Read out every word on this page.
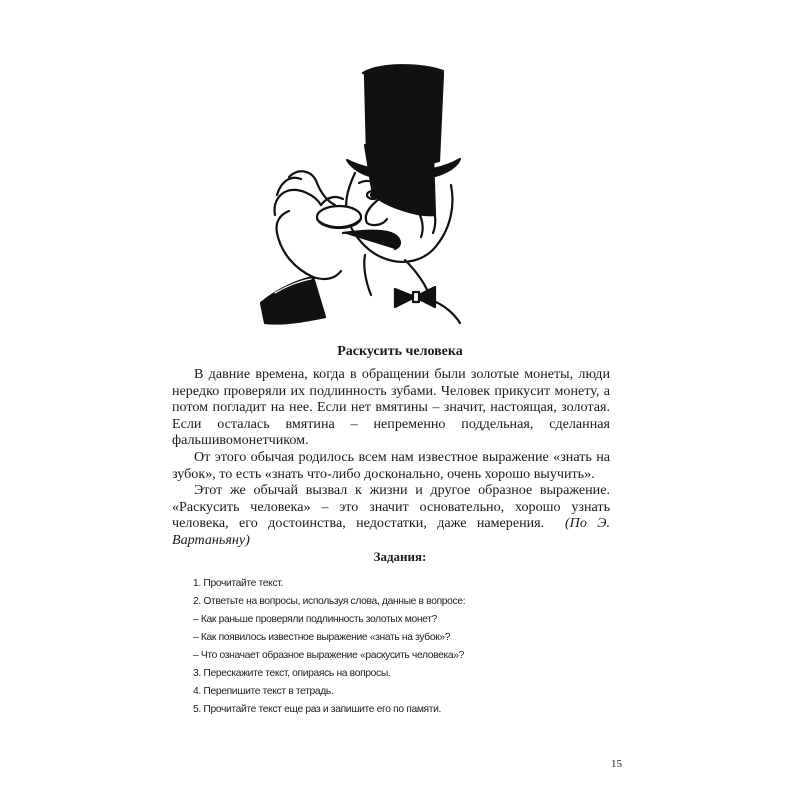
Раскусить человека

В давние времена, когда в обращении были золотые монеты, люди нередко проверяли их подлинность зубами. Человек прикусит монету, а потом погладит на нее. Если нет вмятины – значит, настоящая, золотая. Если осталась вмятина – непременно поддельная, сделанная фальшивомонетчиком.

От этого обычая родилось всем нам известное выражение «знать на зубок», то есть «знать что-либо досконально, очень хорошо выучить».

Этот же обычай вызвал к жизни и другое образное выражение. «Раскусить человека» – это значит основательно, хорошо узнать человека, его достоинства, недостатки, даже намерения. (По Э. Вартаньяну)

Задания:
1. Прочитайте текст.
2. Ответьте на вопросы, используя слова, данные в вопросе:
– Как раньше проверяли подлинность золотых монет?
– Как появилось известное выражение «знать на зубок»?
– Что означает образное выражение «раскусить человека»?
3. Перескажите текст, опираясь на вопросы.
4. Перепишите текст в тетрадь.
5. Прочитайте текст еще раз и запишите его по памяти.
15
